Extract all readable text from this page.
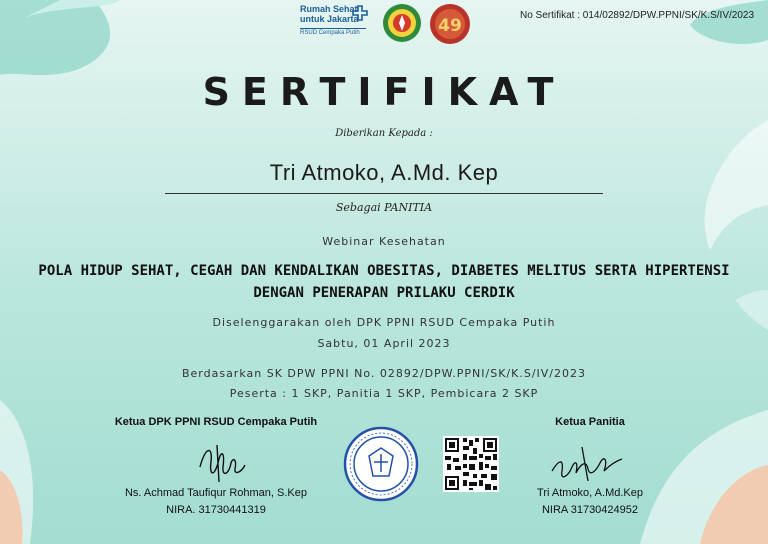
Rumah Sehat
untuk Jakarta
RSUD Cempaka Putih	49
No Sertifikat : 014/02892/DPW.PPNI/SK/K.S/IV/2023
SERTIFIKAT
Diberikan Kepada :
Tri Atmoko, A.Md. Kep
Sebagai PANITIA
Webinar Kesehatan
POLA HIDUP SEHAT, CEGAH DAN KENDALIKAN OBESITAS, DIABETES MELITUS SERTA HIPERTENSI
DENGAN PENERAPAN PRILAKU CERDIK
Diselenggarakan oleh DPK PPNI RSUD Cempaka Putih
Sabtu, 01 April 2023
Berdasarkan SK DPW PPNI No. 02892/DPW.PPNI/SK/K.S/IV/2023
Peserta : 1 SKP, Panitia 1 SKP, Pembicara 2 SKP
Ketua DPK PPNI RSUD Cempaka Putih
Ns. Achmad Taufiqur Rohman, S.Kep
NIRA. 31730441319
Ketua Panitia
Tri Atmoko, A.Md.Kep
NIRA 31730424952
